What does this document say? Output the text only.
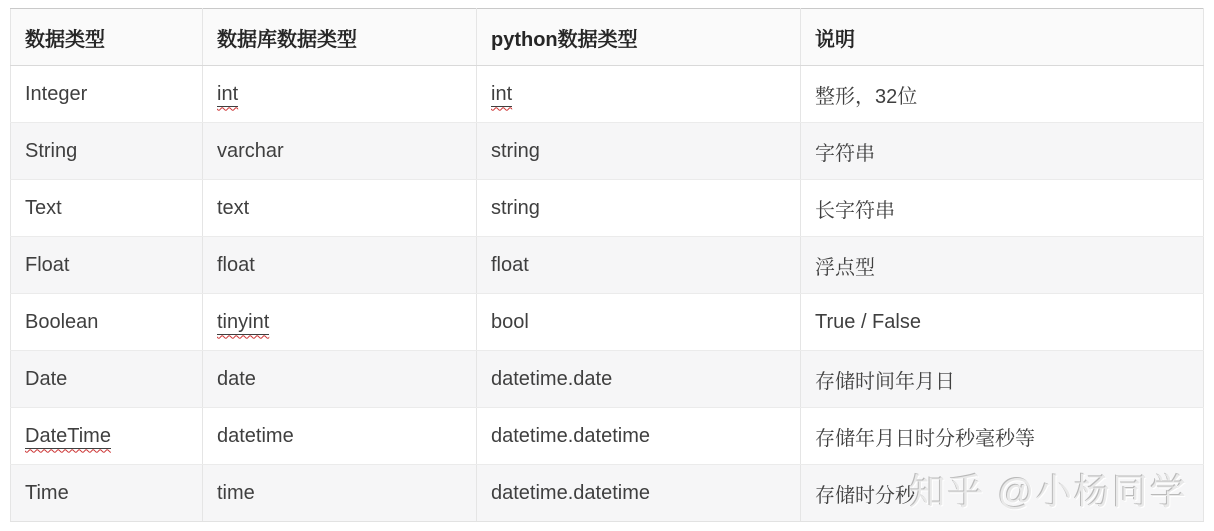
数据类型	数据库数据类型	python数据类型	说明
Integer	int	int	整形，32位
String	varchar	string	字符串
Text	text	string	长字符串
Float	float	float	浮点型
Boolean	tinyint	bool	True / False
Date	date	datetime.date	存储时间年月日
DateTime	datetime	datetime.datetime	存储年月日时分秒毫秒等
Time	time	datetime.datetime	存储时分秒
知乎 @小杨同学
